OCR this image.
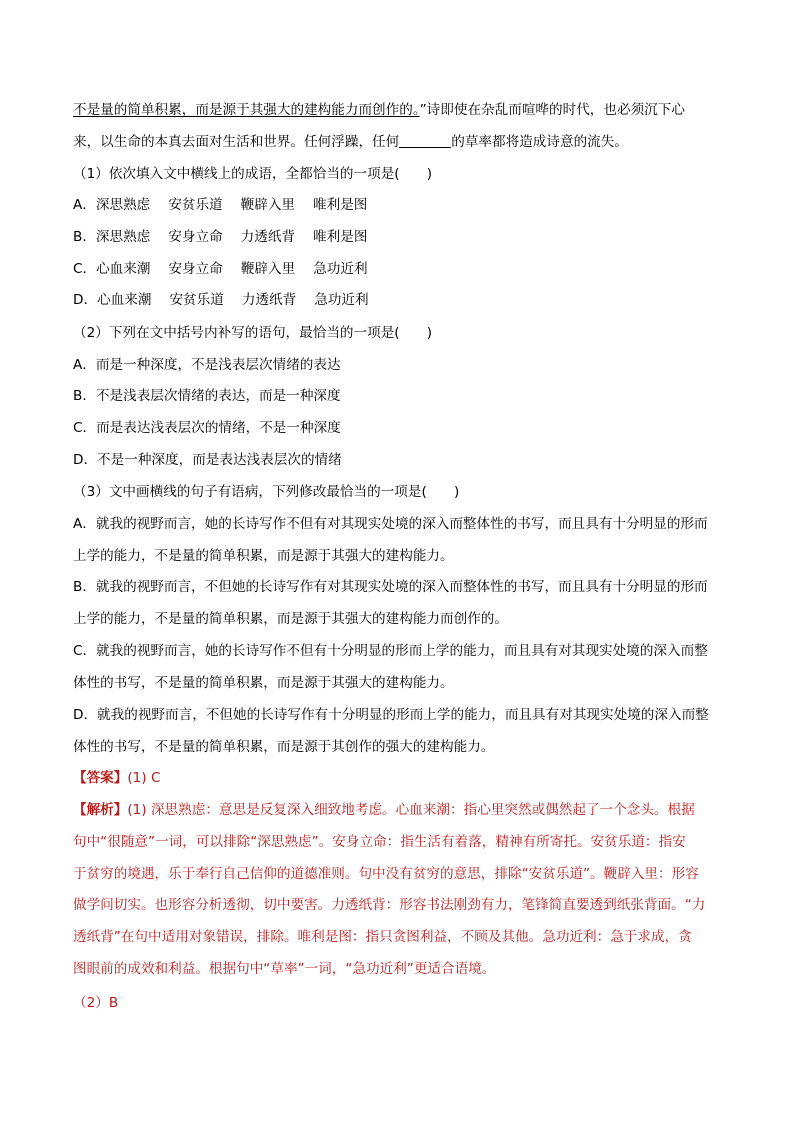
不是量的简单积累，而是源于其强大的建构能力而创作的。”诗即使在杂乱而喧哗的时代，也必须沉下心
来，以生命的本真去面对生活和世界。任何浮躁，任何	的草率都将造成诗意的流失。
（1）依次填入文中横线上的成语，全都恰当的一项是(　　)
A．深思熟虑 安贫乐道 鞭辟入里 唯利是图
B．深思熟虑 安身立命 力透纸背 唯利是图
C．心血来潮 安身立命 鞭辟入里 急功近利
D．心血来潮 安贫乐道 力透纸背 急功近利
（2）下列在文中括号内补写的语句，最恰当的一项是(　　)
A．而是一种深度，不是浅表层次情绪的表达
B．不是浅表层次情绪的表达，而是一种深度
C．而是表达浅表层次的情绪，不是一种深度
D．不是一种深度，而是表达浅表层次的情绪
（3）文中画横线的句子有语病，下列修改最恰当的一项是(　　)
A．就我的视野而言，她的长诗写作不但有对其现实处境的深入而整体性的书写，而且具有十分明显的形而
上学的能力，不是量的简单积累，而是源于其强大的建构能力。
B．就我的视野而言，不但她的长诗写作有对其现实处境的深入而整体性的书写，而且具有十分明显的形而
上学的能力，不是量的简单积累，而是源于其强大的建构能力而创作的。
C．就我的视野而言，她的长诗写作不但有十分明显的形而上学的能力，而且具有对其现实处境的深入而整
体性的书写，不是量的简单积累，而是源于其强大的建构能力。
D．就我的视野而言，不但她的长诗写作有十分明显的形而上学的能力，而且具有对其现实处境的深入而整
体性的书写，不是量的简单积累，而是源于其创作的强大的建构能力。
【答案】(1) C
【解析】(1) 深思熟虑：意思是反复深入细致地考虑。心血来潮：指心里突然或偶然起了一个念头。根据
句中“很随意”一词，可以排除“深思熟虑”。安身立命：指生活有着落，精神有所寄托。安贫乐道：指安
于贫穷的境遇，乐于奉行自己信仰的道德准则。句中没有贫穷的意思，排除“安贫乐道”。鞭辟入里：形容
做学问切实。也形容分析透彻，切中要害。力透纸背：形容书法刚劲有力，笔锋简直要透到纸张背面。“力
透纸背”在句中适用对象错误，排除。唯利是图：指只贪图利益，不顾及其他。急功近利：急于求成，贪
图眼前的成效和利益。根据句中“草率”一词，“急功近利”更适合语境。
（2）B
